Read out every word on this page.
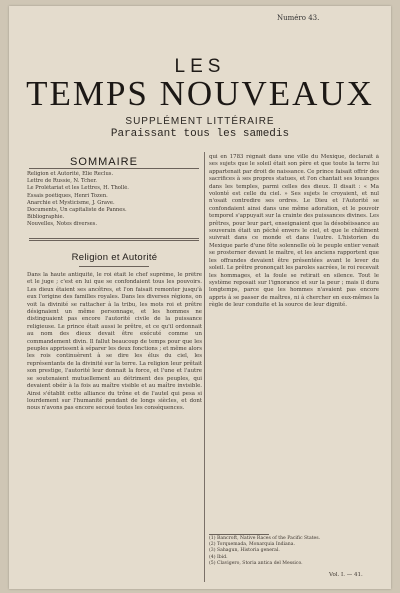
Numéro 43.
LES
TEMPS NOUVEAUX
SUPPLÉMENT LITTÉRAIRE
Paraissant tous les samedis
SOMMAIRE
Religion et Autorité, Élie Reclus.
Lettre de Russie, N. Tcher.
Le Prolétariat et les Lettres, H. Thollé.
Essais poétiques, Henri Tozen.
Anarchie et Mysticisme, J. Grave.
Documents, Un capitaliste de Pannes.
Bibliographie.
Nouvelles, Notes diverses.
Religion et Autorité
Dans la haute antiquité, le roi était le chef suprême, le prêtre et le juge ; c'est en lui que se confondaient tous les pouvoirs. Les dieux étaient ses ancêtres, et l'on faisait remonter jusqu'à eux l'origine des familles royales. Dans les diverses régions, on voit la divinité se rattacher à la tribu, les mots roi et prêtre désignaient un même personnage, et les hommes ne distinguaient pas encore l'autorité civile de la puissance religieuse. Le prince était aussi le prêtre, et ce qu'il ordonnait au nom des dieux devait être exécuté comme un commandement divin. Il fallut beaucoup de temps pour que les peuples apprissent à séparer les deux fonctions ; et même alors les rois continuèrent à se dire les élus du ciel, les représentants de la divinité sur la terre. La religion leur prêtait son prestige, l'autorité leur donnait la force, et l'une et l'autre se soutenaient mutuellement au détriment des peuples, qui devaient obéir à la fois au maître visible et au maître invisible. Ainsi s'établit cette alliance du trône et de l'autel qui pesa si lourdement sur l'humanité pendant de longs siècles, et dont nous n'avons pas encore secoué toutes les conséquences.
qui en 1783 régnait dans une ville du Mexique, déclarait à ses sujets que le soleil était son père et que toute la terre lui appartenait par droit de naissance. Ce prince faisait offrir des sacrifices à ses propres statues, et l'on chantait ses louanges dans les temples, parmi celles des dieux. Il disait : « Ma volonté est celle du ciel. » Ses sujets le croyaient, et nul n'osait contredire ses ordres. Le Dieu et l'Autorité se confondaient ainsi dans une même adoration, et le pouvoir temporel s'appuyait sur la crainte des puissances divines. Les prêtres, pour leur part, enseignaient que la désobéissance au souverain était un péché envers le ciel, et que le châtiment suivrait dans ce monde et dans l'autre. L'historien du Mexique parle d'une fête solennelle où le peuple entier venait se prosterner devant le maître, et les anciens rapportent que les offrandes devaient être présentées avant le lever du soleil. Le prêtre prononçait les paroles sacrées, le roi recevait les hommages, et la foule se retirait en silence. Tout le système reposait sur l'ignorance et sur la peur ; mais il dura longtemps, parce que les hommes n'avaient pas encore appris à se passer de maîtres, ni à chercher en eux-mêmes la règle de leur conduite et la source de leur dignité.
(1) Bancroft, Native Races of the Pacific States.
(2) Torquemada, Monarquia Indiana.
(3) Sahagun, Historia general.
(4) Ibid.
(5) Clavigero, Storia antica del Messico.
Vol. I. — 41.
